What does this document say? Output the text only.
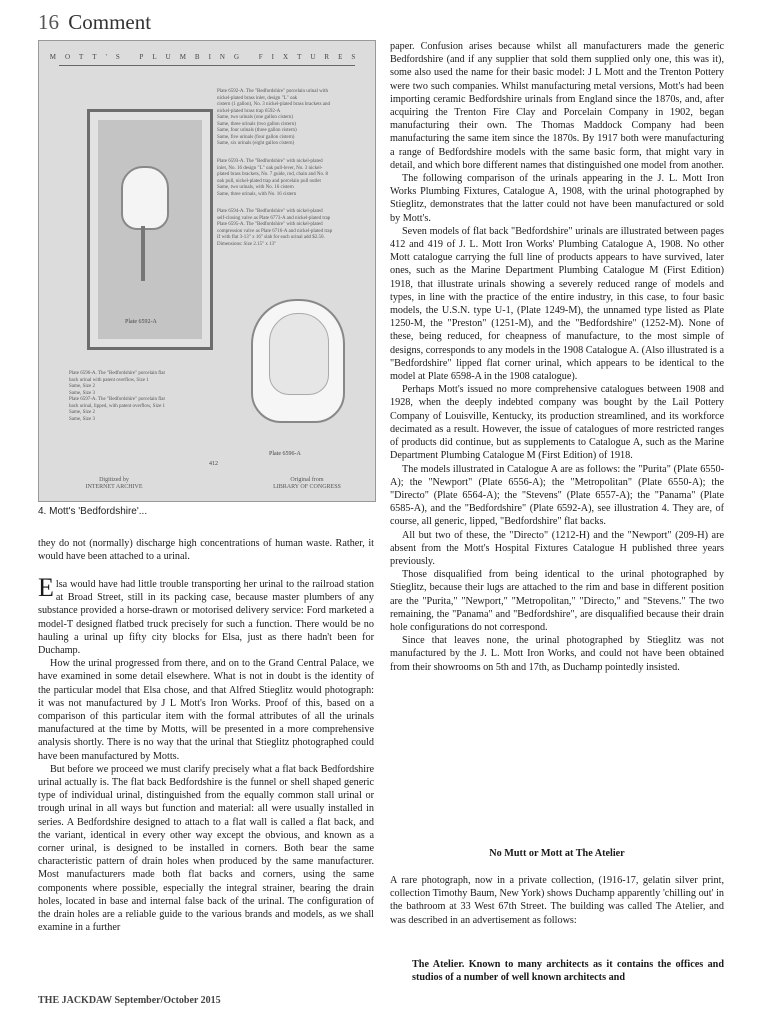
16 Comment
MOTT'S PLUMBING FIXTURES
Plate 6592-A. The "Bedfordshire" porcelain urinal with
nickel-plated brass inlet, design "L" oak
cistern (1 gallon), No. 3 nickel-plated brass brackets and
nickel-plated brass trap 6592-A
Same, two urinals (one gallon cistern)
Same, three urinals (two gallon cistern)
Same, four urinals (three gallon cistern)
Same, five urinals (four gallon cistern)
Same, six urinals (eight gallon cistern)
Plate 6593-A. The "Bedfordshire" with nickel-plated
inlet, No. 16 design "L" oak pull-lever, No. 3 nickel-
plated brass brackets, No. 7 guide, rod, chain and No. 8
oak pull, nickel-plated trap and porcelain pull outlet
Same, two urinals, with No. 16 cistern
Same, three urinals, with No. 16 cistern
Plate 6594-A. The "Bedfordshire" with nickel-plated
self-closing valve as Plate 6773-A and nickel-plated trap
Plate 6595-A. The "Bedfordshire" with nickel-plated
compression valve as Plate 6716-A and nickel-plated trap
If with flat 3-13" x 16" slab for each urinal add $2.50.
Dimensions: Size 2.15" x 13"
Plate 6592-A
Plate 6596-A. The "Bedfordshire" porcelain flat
back urinal with patent overflow, Size 1
Same, Size 2
Same, Size 3
Plate 6597-A. The "Bedfordshire" porcelain flat
back urinal, lipped, with patent overflow, Size 1
Same, Size 2
Same, Size 3
Plate 6596-A
412
Digitized by
INTERNET ARCHIVE
Original from
LIBRARY OF CONGRESS
4. Mott's 'Bedfordshire'...

they do not (normally) discharge high concentrations of human waste. Rather, it would have been attached to a urinal.

Elsa would have had little trouble transporting her urinal to the railroad station at Broad Street, still in its packing case, because master plumbers of any substance provided a horse-drawn or motorised delivery service: Ford marketed a model-T designed flatbed truck precisely for such a function. There would be no hauling a urinal up fifty city blocks for Elsa, just as there hadn't been for Duchamp.

How the urinal progressed from there, and on to the Grand Central Palace, we have examined in some detail elsewhere. What is not in doubt is the identity of the particular model that Elsa chose, and that Alfred Stieglitz would photograph: it was not manufactured by J L Mott's Iron Works. Proof of this, based on a comparison of this particular item with the formal attributes of all the urinals manufactured at the time by Motts, will be presented in a more comprehensive analysis shortly. There is no way that the urinal that Stieglitz photographed could have been manufactured by Motts.

But before we proceed we must clarify precisely what a flat back Bedfordshire urinal actually is. The flat back Bedfordshire is the funnel or shell shaped generic type of individual urinal, distinguished from the equally common stall urinal or trough urinal in all ways but function and material: all were usually installed in series. A Bedfordshire designed to attach to a flat wall is called a flat back, and the variant, identical in every other way except the obvious, and known as a corner urinal, is designed to be installed in corners. Both bear the same characteristic pattern of drain holes when produced by the same manufacturer. Most manufacturers made both flat backs and corners, using the same components where possible, especially the integral strainer, bearing the drain holes, located in base and internal false back of the urinal. The configuration of the drain holes are a reliable guide to the various brands and models, as we shall examine in a further

paper. Confusion arises because whilst all manufacturers made the generic Bedfordshire (and if any supplier that sold them supplied only one, this was it), some also used the name for their basic model: J L Mott and the Trenton Pottery were two such companies. Whilst manufacturing metal versions, Mott's had been importing ceramic Bedfordshire urinals from England since the 1870s, and, after acquiring the Trenton Fire Clay and Porcelain Company in 1902, began manufacturing their own. The Thomas Maddock Company had been manufacturing the same item since the 1870s. By 1917 both were manufacturing a range of Bedfordshire models with the same basic form, that might vary in detail, and which bore different names that distinguished one model from another.

The following comparison of the urinals appearing in the J. L. Mott Iron Works Plumbing Fixtures, Catalogue A, 1908, with the urinal photographed by Stieglitz, demonstrates that the latter could not have been manufactured or sold by Mott's.

Seven models of flat back "Bedfordshire" urinals are illustrated between pages 412 and 419 of J. L. Mott Iron Works' Plumbing Catalogue A, 1908. No other Mott catalogue carrying the full line of products appears to have survived, later ones, such as the Marine Department Plumbing Catalogue M (First Edition) 1918, that illustrate urinals showing a severely reduced range of models and types, in line with the practice of the entire industry, in this case, to four basic models, the U.S.N. type U-1, (Plate 1249-M), the unnamed type listed as Plate 1250-M, the "Preston" (1251-M), and the "Bedfordshire" (1252-M). None of these, being reduced, for cheapness of manufacture, to the most simple of designs, corresponds to any models in the 1908 Catalogue A. (Also illustrated is a "Bedfordshire" lipped flat corner urinal, which appears to be identical to the model at Plate 6598-A in the 1908 catalogue).

Perhaps Mott's issued no more comprehensive catalogues between 1908 and 1928, when the deeply indebted company was bought by the Lail Pottery Company of Louisville, Kentucky, its production streamlined, and its workforce decimated as a result. However, the issue of catalogues of more restricted ranges of products did continue, but as supplements to Catalogue A, such as the Marine Department Plumbing Catalogue M (First Edition) of 1918.

The models illustrated in Catalogue A are as follows: the "Purita" (Plate 6550-A); the "Newport" (Plate 6556-A); the "Metropolitan" (Plate 6550-A); the "Directo" (Plate 6564-A); the "Stevens" (Plate 6557-A); the "Panama" (Plate 6585-A), and the "Bedfordshire" (Plate 6592-A), see illustration 4. They are, of course, all generic, lipped, "Bedfordshire" flat backs.

All but two of these, the "Directo" (1212-H) and the "Newport" (209-H) are absent from the Mott's Hospital Fixtures Catalogue H published three years previously.

Those disqualified from being identical to the urinal photographed by Stieglitz, because their lugs are attached to the rim and base in different position are the "Purita," "Newport," "Metropolitan," "Directo," and "Stevens." The two remaining, the "Panama" and "Bedfordshire", are disqualified because their drain hole configurations do not correspond.

Since that leaves none, the urinal photographed by Stieglitz was not manufactured by the J. L. Mott Iron Works, and could not have been obtained from their showrooms on 5th and 17th, as Duchamp pointedly insisted.

No Mutt or Mott at The Atelier

A rare photograph, now in a private collection, (1916-17, gelatin silver print, collection Timothy Baum, New York) shows Duchamp apparently 'chilling out' in the bathroom at 33 West 67th Street. The building was called The Atelier, and was described in an advertisement as follows:

The Atelier. Known to many architects as it contains the offices and studios of a number of well known architects and
THE JACKDAW September/October 2015
